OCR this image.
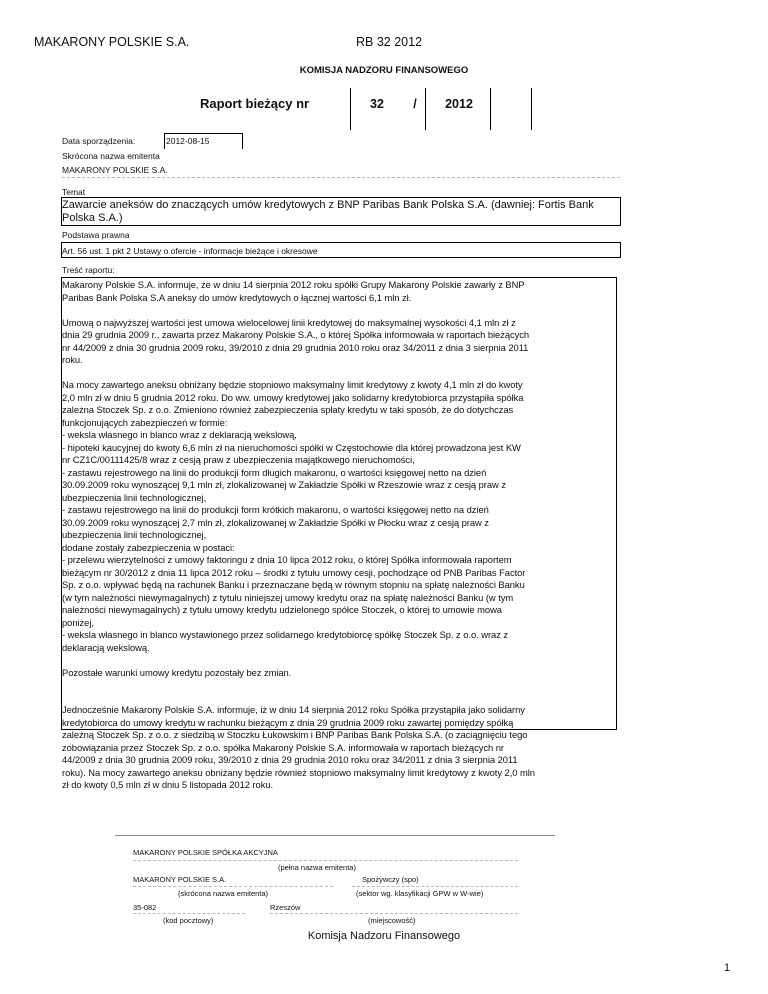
MAKARONY POLSKIE S.A.	RB 32 2012
KOMISJA NADZORU FINANSOWEGO
Raport bieżący nr	32	/	2012
Data sporządzenia:	2012-08-15
Skrócona nazwa emitenta
MAKARONY POLSKIE S.A.
Temat
Zawarcie aneksów do znaczących umów kredytowych z BNP Paribas Bank Polska S.A. (dawniej: Fortis Bank Polska S.A.)
Podstawa prawna
Art. 56 ust. 1 pkt 2 Ustawy o ofercie - informacje bieżące i okresowe
Treść raportu:
Makarony Polskie S.A. informuje, że w dniu 14 sierpnia 2012 roku spółki Grupy Makarony Polskie zawarły z BNP
Paribas Bank Polska S.A aneksy do umów kredytowych o łącznej wartości 6,1 mln zł.

Umową o najwyższej wartości jest umowa wielocelowej linii kredytowej do maksymalnej wysokości 4,1 mln zł z
dnia 29 grudnia 2009 r., zawarta przez Makarony Polskie S.A., o której Spółka informowała w raportach bieżących
nr 44/2009 z dnia 30 grudnia 2009 roku, 39/2010 z dnia 29 grudnia 2010 roku oraz 34/2011 z dnia 3 sierpnia 2011
roku.

Na mocy zawartego aneksu obniżany będzie stopniowo maksymalny limit kredytowy z kwoty 4,1 mln zł do kwoty
2,0 mln zł w dniu 5 grudnia 2012 roku. Do ww. umowy kredytowej jako solidarny kredytobiorca przystąpiła spółka
zależna Stoczek Sp. z o.o. Zmieniono również zabezpieczenia spłaty kredytu w taki sposób, że do dotychczas
funkcjonujących zabezpieczeń w formie:
- weksla własnego in blanco wraz z deklaracją wekslową,
- hipoteki kaucyjnej do kwoty 6,6 mln zł na nieruchomości spółki w Częstochowie dla której prowadzona jest KW
nr CZ1C/00111425/8 wraz z cesją praw z ubezpieczenia majątkowego nieruchomości,
- zastawu rejestrowego na linii do produkcji form długich makaronu, o wartości księgowej netto na dzień
30.09.2009 roku wynoszącej 9,1 mln zł, zlokalizowanej w Zakładzie Spółki w Rzeszowie wraz z cesją praw z
ubezpieczenia linii technologicznej,
- zastawu rejestrowego na linii do produkcji form krótkich makaronu, o wartości księgowej netto na dzień
30.09.2009 roku wynoszącej 2,7 mln zł, zlokalizowanej w Zakładzie Spółki w Płocku wraz z cesją praw z
ubezpieczenia linii technologicznej,
dodane zostały zabezpieczenia w postaci:
- przelewu wierzytelności z umowy faktoringu z dnia 10 lipca 2012 roku, o której Spółka informowała raportem
bieżącym nr 30/2012 z dnia 11 lipca 2012 roku – środki z tytułu umowy cesji, pochodzące od PNB Paribas Factor
Sp. z o.o. wpływać będą na rachunek Banku i przeznaczane będą w równym stopniu na spłatę należności Banku
(w tym należności niewymagalnych) z tytułu niniejszej umowy kredytu oraz na spłatę należności Banku (w tym
należności niewymagalnych) z tytułu umowy kredytu udzielonego spółce Stoczek, o której to umowie mowa
poniżej,
- weksla własnego in blanco wystawionego przez solidarnego kredytobiorcę spółkę Stoczek Sp. z o.o. wraz z
deklaracją wekslową.

Pozostałe warunki umowy kredytu pozostały bez zmian.

Jednocześnie Makarony Polskie S.A. informuje, iż w dniu 14 sierpnia 2012 roku Spółka przystąpiła jako solidarny
kredytobiorca do umowy kredytu w rachunku bieżącym z dnia 29 grudnia 2009 roku zawartej pomiędzy spółką
zależną Stoczek Sp. z o.o. z siedzibą w Stoczku Łukowskim i BNP Paribas Bank Polska S.A. (o zaciągnięciu tego
zobowiązania przez Stoczek Sp. z o.o. spółka Makarony Polskie S.A. informowała w raportach bieżących nr
44/2009 z dnia 30 grudnia 2009 roku, 39/2010 z dnia 29 grudnia 2010 roku oraz 34/2011 z dnia 3 sierpnia 2011
roku). Na mocy zawartego aneksu obniżany będzie również stopniowo maksymalny limit kredytowy z kwoty 2,0 mln
zł do kwoty 0,5 mln zł w dniu 5 listopada 2012 roku.
MAKARONY POLSKIE SPÓŁKA AKCYJNA
(pełna nazwa emitenta)
MAKARONY POLSKIE S.A.	Spożywczy (spo)
(skrócona nazwa emitenta)	(sektor wg. klasyfikacji GPW w W-wie)
35-082	Rzeszów
(kod pocztowy)	(miejscowość)
Komisja Nadzoru Finansowego
1
